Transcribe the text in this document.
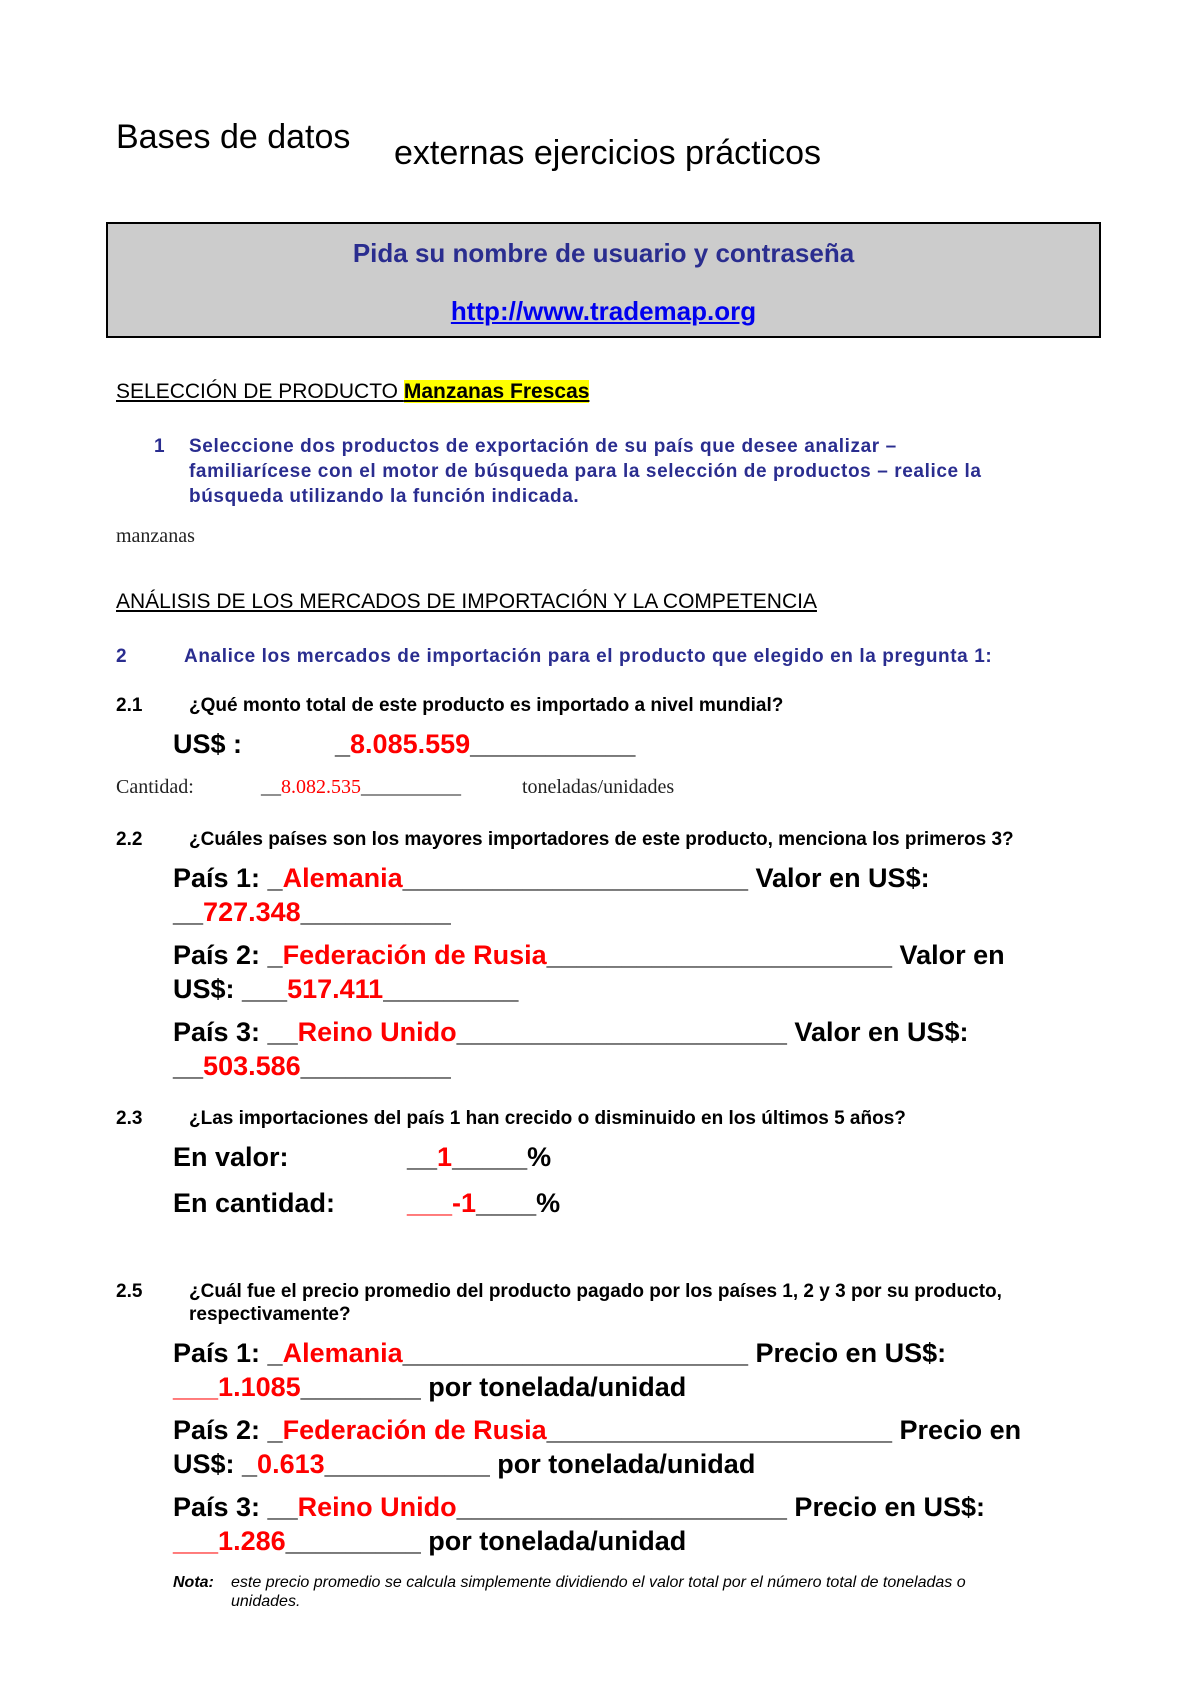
Bases de datos externas ejercicios prácticos
Pida su nombre de usuario y contraseña
http://www.trademap.org
SELECCIÓN DE PRODUCTO Manzanas Frescas
1 Seleccione dos productos de exportación de su país que desee analizar –
familiarícese con el motor de búsqueda para la selección de productos – realice la
búsqueda utilizando la función indicada.
manzanas
ANÁLISIS DE LOS MERCADOS DE IMPORTACIÓN Y LA COMPETENCIA
2	Analice los mercados de importación para el producto que elegido en la pregunta 1:
2.1 ¿Qué monto total de este producto es importado a nivel mundial?
US$ :	_8.085.559___________
Cantidad:	__8.082.535__________	toneladas/unidades
2.2 ¿Cuáles países son los mayores importadores de este producto, menciona los primeros 3?
País 1: _Alemania_______________________ Valor en US$:
__727.348__________
País 2: _Federación de Rusia_______________________ Valor en
US$: ___517.411_________
País 3: __Reino Unido______________________ Valor en US$:
__503.586__________
2.3 ¿Las importaciones del país 1 han crecido o disminuido en los últimos 5 años?
En valor:	__1_____%
En cantidad:	___-1____%
2.5 ¿Cuál fue el precio promedio del producto pagado por los países 1, 2 y 3 por su producto,
respectivamente?
País 1: _Alemania_______________________ Precio en US$:
___1.1085________ por tonelada/unidad
País 2: _Federación de Rusia_______________________ Precio en
US$: _0.613___________ por tonelada/unidad
País 3: __Reino Unido______________________ Precio en US$:
___1.286_________ por tonelada/unidad
Nota: este precio promedio se calcula simplemente dividiendo el valor total por el número total de toneladas o
unidades.
